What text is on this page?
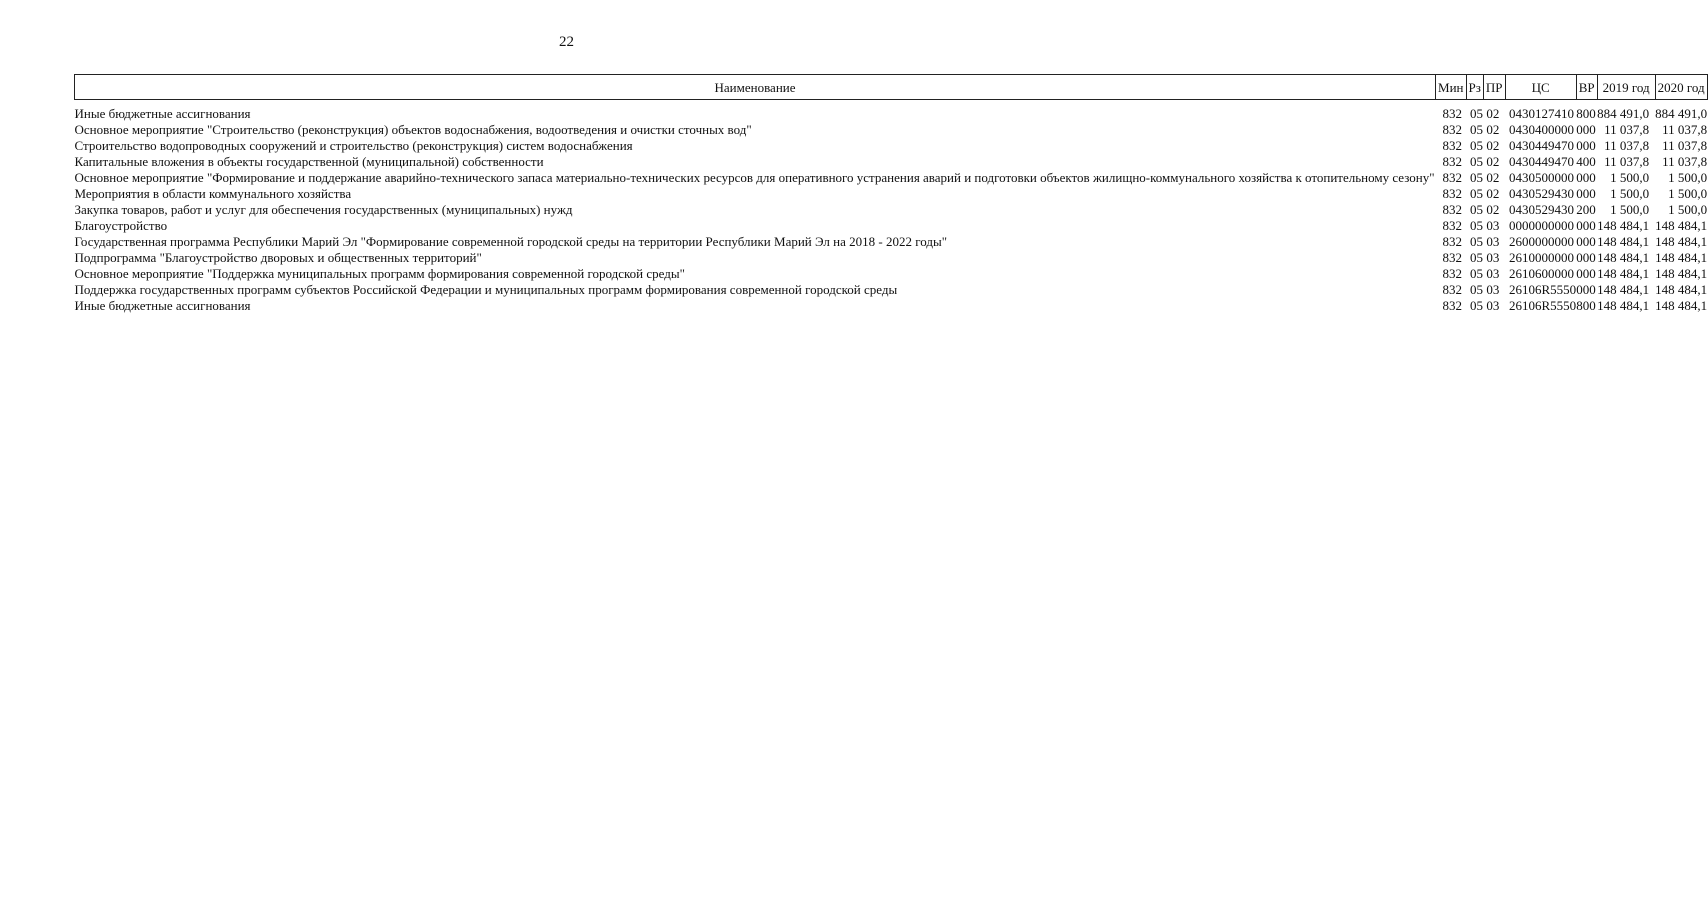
22
Наименование	Мин	Рз	ПР	ЦС	ВР	2019 год	2020 год
Иные бюджетные ассигнования	832	05	02	0430127410	800	884 491,0	884 491,0
Основное мероприятие "Строительство (реконструкция) объектов водоснабжения, водоотведения и очистки сточных вод"	832	05	02	0430400000	000	11 037,8	11 037,8
Строительство водопроводных сооружений и строительство (реконструкция) систем водоснабжения	832	05	02	0430449470	000	11 037,8	11 037,8
Капитальные вложения в объекты государственной (муниципальной) собственности	832	05	02	0430449470	400	11 037,8	11 037,8
Основное мероприятие "Формирование и поддержание аварийно-технического запаса материально-технических ресурсов для оперативного устранения аварий и подготовки объектов жилищно-коммунального хозяйства к отопительному сезону"	832	05	02	0430500000	000	1 500,0	1 500,0
Мероприятия в области коммунального хозяйства	832	05	02	0430529430	000	1 500,0	1 500,0
Закупка товаров, работ и услуг для обеспечения государственных (муниципальных) нужд	832	05	02	0430529430	200	1 500,0	1 500,0
Благоустройство	832	05	03	0000000000	000	148 484,1	148 484,1
Государственная программа Республики Марий Эл "Формирование современной городской среды на территории Республики Марий Эл на 2018 - 2022 годы"	832	05	03	2600000000	000	148 484,1	148 484,1
Подпрограмма "Благоустройство дворовых и общественных территорий"	832	05	03	2610000000	000	148 484,1	148 484,1
Основное мероприятие "Поддержка муниципальных программ формирования современной городской среды"	832	05	03	2610600000	000	148 484,1	148 484,1
Поддержка государственных программ субъектов Российской Федерации и муниципальных программ формирования современной городской среды	832	05	03	26106R5550	000	148 484,1	148 484,1
Иные бюджетные ассигнования	832	05	03	26106R5550	800	148 484,1	148 484,1
